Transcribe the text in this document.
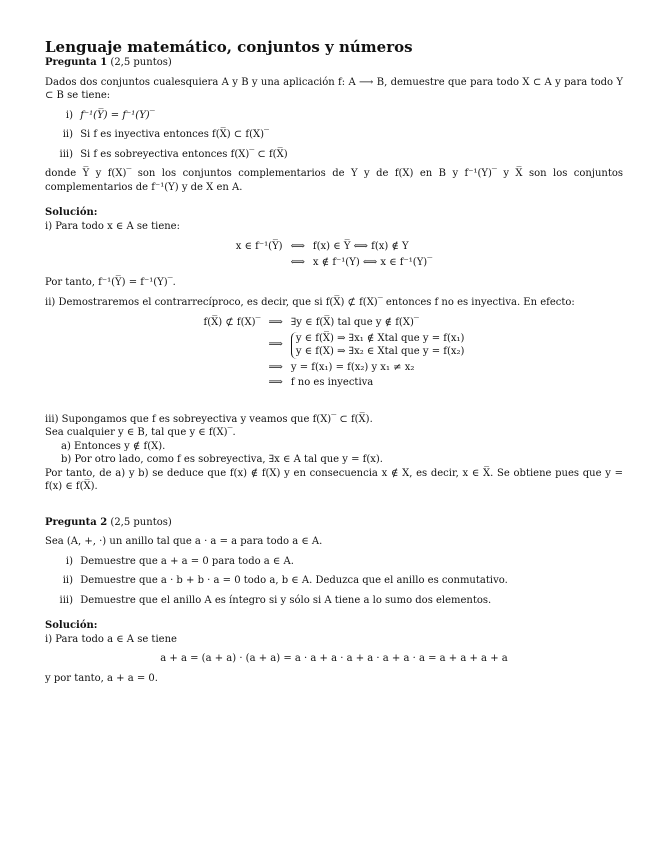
Lenguaje matemático, conjuntos y números

Pregunta 1 (2,5 puntos)

Dados dos conjuntos cualesquiera A y B y una aplicación f: A ⟶ B, demuestre que para todo X ⊂ A y para todo Y ⊂ B se tiene:

i) f⁻¹(Y̅) = f⁻¹(Y)‾
ii) Si f es inyectiva entonces f(X̅) ⊂ f(X)‾
iii) Si f es sobreyectiva entonces f(X)‾ ⊂ f(X̅)

donde Y̅ y f(X)‾ son los conjuntos complementarios de Y y de f(X) en B y f⁻¹(Y)‾ y X̅ son los conjuntos complementarios de f⁻¹(Y) y de X en A.

Solución:

i) Para todo x ∈ A se tiene:

x ∈ f⁻¹(Y̅)	⟺	f(x) ∈ Y̅ ⟺ f(x) ∉ Y
	⟺	x ∉ f⁻¹(Y) ⟺ x ∈ f⁻¹(Y)‾

Por tanto, f⁻¹(Y̅) = f⁻¹(Y)‾.

ii) Demostraremos el contrarrecíproco, es decir, que si f(X̅) ⊄ f(X)‾ entonces f no es inyectiva. En efecto:

f(X̅) ⊄ f(X)‾	⟹	∃y ∈ f(X̅) tal que y ∉ f(X)‾
	⟹	y ∈ f(X̅) ⇒ ∃x₁ ∉ Xtal que y = f(x₁)
y ∈ f(X) ⇒ ∃x₂ ∈ Xtal que y = f(x₂)
	⟹	y = f(x₁) = f(x₂) y x₁ ≠ x₂
	⟹	f no es inyectiva

iii) Supongamos que f es sobreyectiva y veamos que f(X)‾ ⊂ f(X̅).

Sea cualquier y ∈ B, tal que y ∈ f(X)‾.

a) Entonces y ∉ f(X).

b) Por otro lado, como f es sobreyectiva, ∃x ∈ A tal que y = f(x).

Por tanto, de a) y b) se deduce que f(x) ∉ f(X) y en consecuencia x ∉ X, es decir, x ∈ X̅. Se obtiene pues que y = f(x) ∈ f(X̅).

Pregunta 2 (2,5 puntos)

Sea (A, +, ·) un anillo tal que a · a = a para todo a ∈ A.

i) Demuestre que a + a = 0 para todo a ∈ A.
ii) Demuestre que a · b + b · a = 0 todo a, b ∈ A. Deduzca que el anillo es conmutativo.
iii) Demuestre que el anillo A es íntegro si y sólo si A tiene a lo sumo dos elementos.

Solución:

i) Para todo a ∈ A se tiene

a + a = (a + a) · (a + a) = a · a + a · a + a · a + a · a = a + a + a + a

y por tanto, a + a = 0.
